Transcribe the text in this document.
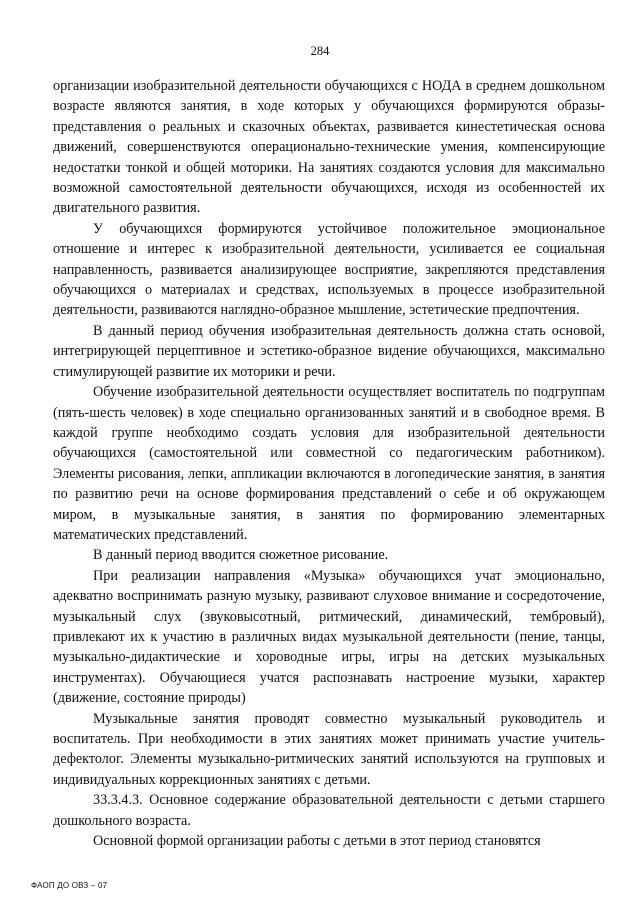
284

организации изобразительной деятельности обучающихся с НОДА в среднем дошкольном возрасте являются занятия, в ходе которых у обучающихся формируются образы-представления о реальных и сказочных объектах, развивается кинестетическая основа движений, совершенствуются операционально-технические умения, компенсирующие недостатки тонкой и общей моторики. На занятиях создаются условия для максимально возможной самостоятельной деятельности обучающихся, исходя из особенностей их двигательного развития.

У обучающихся формируются устойчивое положительное эмоциональное отношение и интерес к изобразительной деятельности, усиливается ее социальная направленность, развивается анализирующее восприятие, закрепляются представления обучающихся о материалах и средствах, используемых в процессе изобразительной деятельности, развиваются наглядно-образное мышление, эстетические предпочтения.

В данный период обучения изобразительная деятельность должна стать основой, интегрирующей перцептивное и эстетико-образное видение обучающихся, максимально стимулирующей развитие их моторики и речи.

Обучение изобразительной деятельности осуществляет воспитатель по подгруппам (пять-шесть человек) в ходе специально организованных занятий и в свободное время. В каждой группе необходимо создать условия для изобразительной деятельности обучающихся (самостоятельной или совместной со педагогическим работником). Элементы рисования, лепки, аппликации включаются в логопедические занятия, в занятия по развитию речи на основе формирования представлений о себе и об окружающем миром, в музыкальные занятия, в занятия по формированию элементарных математических представлений.

В данный период вводится сюжетное рисование.

При реализации направления «Музыка» обучающихся учат эмоционально, адекватно воспринимать разную музыку, развивают слуховое внимание и сосредоточение, музыкальный слух (звуковысотный, ритмический, динамический, тембровый), привлекают их к участию в различных видах музыкальной деятельности (пение, танцы, музыкально-дидактические и хороводные игры, игры на детских музыкальных инструментах). Обучающиеся учатся распознавать настроение музыки, характер (движение, состояние природы)

Музыкальные занятия проводят совместно музыкальный руководитель и воспитатель. При необходимости в этих занятиях может принимать участие учитель-дефектолог. Элементы музыкально-ритмических занятий используются на групповых и индивидуальных коррекционных занятиях с детьми.

33.3.4.3. Основное содержание образовательной деятельности с детьми старшего дошкольного возраста.

Основной формой организации работы с детьми в этот период становятся

ФАОП ДО ОВЗ – 07
